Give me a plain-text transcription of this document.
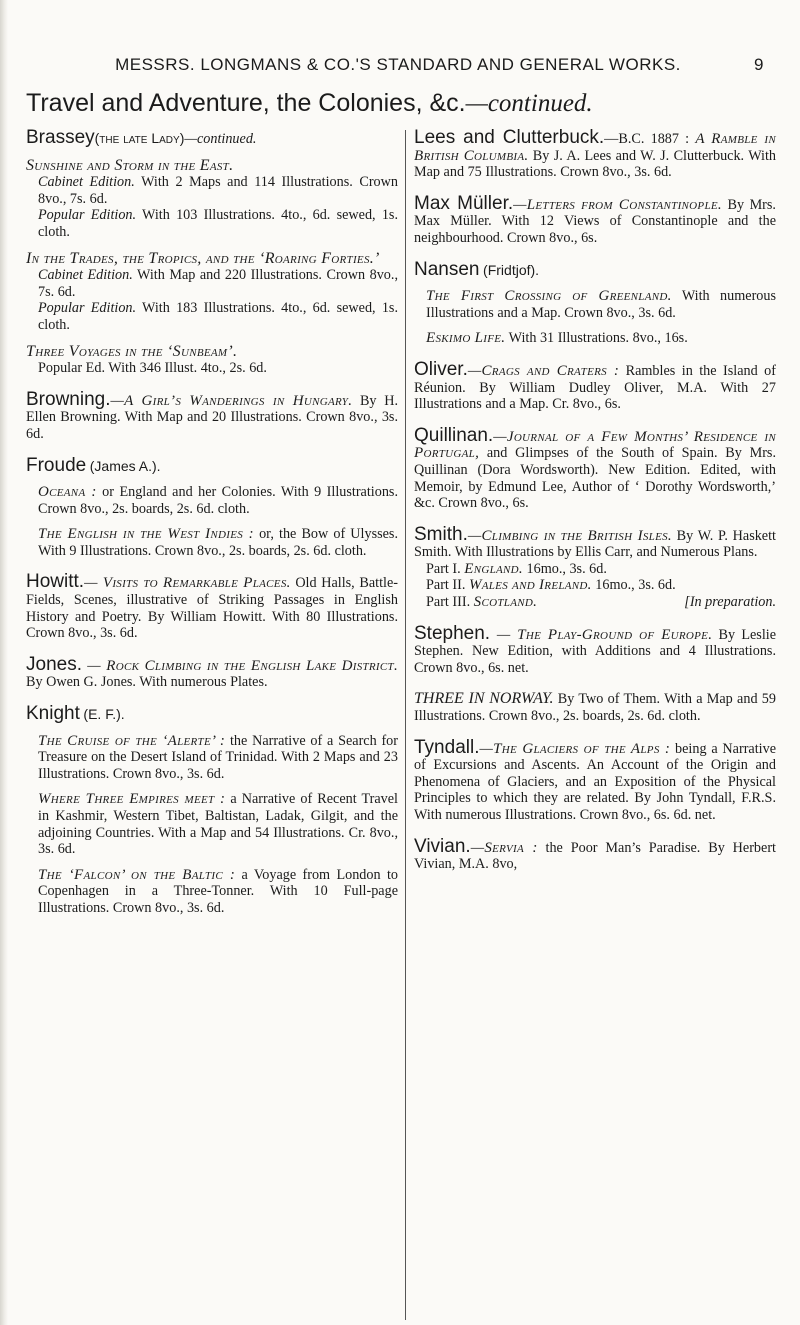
MESSRS. LONGMANS & CO.'S STANDARD AND GENERAL WORKS.	9
Travel and Adventure, the Colonies, &c.—continued.
Brassey(the late Lady)—continued.
Sunshine and Storm in the East.

Cabinet Edition. With 2 Maps and 114 Illustrations. Crown 8vo., 7s. 6d.

Popular Edition. With 103 Illustrations. 4to., 6d. sewed, 1s. cloth.

In the Trades, the Tropics, and the ‘Roaring Forties.’

Cabinet Edition. With Map and 220 Illustrations. Crown 8vo., 7s. 6d.

Popular Edition. With 183 Illustrations. 4to., 6d. sewed, 1s. cloth.

Three Voyages in the ‘Sunbeam’.

Popular Ed. With 346 Illust. 4to., 2s. 6d.

Browning.—A Girl’s Wanderings in Hungary. By H. Ellen Browning. With Map and 20 Illustrations. Crown 8vo., 3s. 6d.

Froude (James A.).

Oceana : or England and her Colonies. With 9 Illustrations. Crown 8vo., 2s. boards, 2s. 6d. cloth.

The English in the West Indies : or, the Bow of Ulysses. With 9 Illustrations. Crown 8vo., 2s. boards, 2s. 6d. cloth.

Howitt.— Visits to Remarkable Places. Old Halls, Battle-Fields, Scenes, illustrative of Striking Passages in English History and Poetry. By William Howitt. With 80 Illustrations. Crown 8vo., 3s. 6d.

Jones. — Rock Climbing in the English Lake District. By Owen G. Jones. With numerous Plates.

Knight (E. F.).

The Cruise of the ‘Alerte’ : the Narrative of a Search for Treasure on the Desert Island of Trinidad. With 2 Maps and 23 Illustrations. Crown 8vo., 3s. 6d.

Where Three Empires meet : a Narrative of Recent Travel in Kashmir, Western Tibet, Baltistan, Ladak, Gilgit, and the adjoining Countries. With a Map and 54 Illustrations. Cr. 8vo., 3s. 6d.

The ‘Falcon’ on the Baltic : a Voyage from London to Copenhagen in a Three-Tonner. With 10 Full-page Illustrations. Crown 8vo., 3s. 6d.

Lees and Clutterbuck.—B.C. 1887 : A Ramble in British Columbia. By J. A. Lees and W. J. Clutterbuck. With Map and 75 Illustrations. Crown 8vo., 3s. 6d.

Max Müller.—Letters from Constantinople. By Mrs. Max Müller. With 12 Views of Constantinople and the neighbourhood. Crown 8vo., 6s.

Nansen (Fridtjof).

The First Crossing of Greenland. With numerous Illustrations and a Map. Crown 8vo., 3s. 6d.

Eskimo Life. With 31 Illustrations. 8vo., 16s.

Oliver.—Crags and Craters : Rambles in the Island of Réunion. By William Dudley Oliver, M.A. With 27 Illustrations and a Map. Cr. 8vo., 6s.

Quillinan.—Journal of a Few Months’ Residence in Portugal, and Glimpses of the South of Spain. By Mrs. Quillinan (Dora Wordsworth). New Edition. Edited, with Memoir, by Edmund Lee, Author of ‘ Dorothy Wordsworth,’ &c. Crown 8vo., 6s.

Smith.—Climbing in the British Isles. By W. P. Haskett Smith. With Illustrations by Ellis Carr, and Numerous Plans.

Part I. England. 16mo., 3s. 6d.

Part II. Wales and Ireland. 16mo., 3s. 6d.

Part III. Scotland.	[In preparation.

Stephen. — The Play-Ground of Europe. By Leslie Stephen. New Edition, with Additions and 4 Illustrations. Crown 8vo., 6s. net.

THREE IN NORWAY. By Two of Them. With a Map and 59 Illustrations. Crown 8vo., 2s. boards, 2s. 6d. cloth.

Tyndall.—The Glaciers of the Alps : being a Narrative of Excursions and Ascents. An Account of the Origin and Phenomena of Glaciers, and an Exposition of the Physical Principles to which they are related. By John Tyndall, F.R.S. With numerous Illustrations. Crown 8vo., 6s. 6d. net.

Vivian.—Servia : the Poor Man’s Paradise. By Herbert Vivian, M.A. 8vo,
